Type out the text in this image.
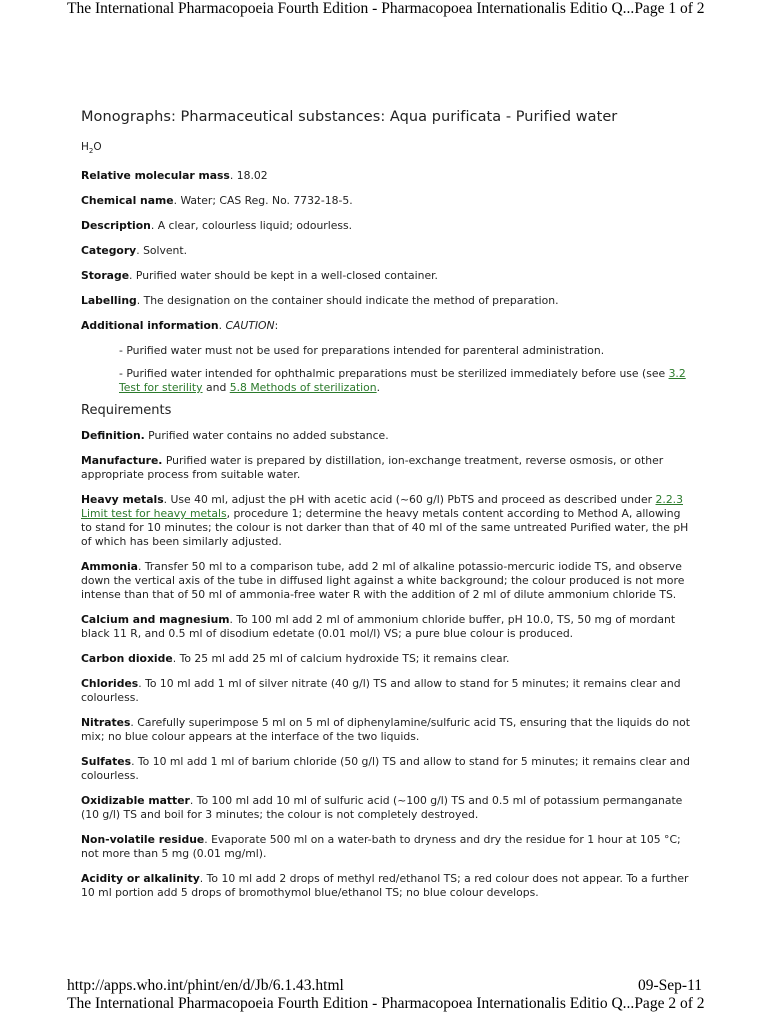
The International Pharmacopoeia Fourth Edition - Pharmacopoea Internationalis Editio Q... Page 1 of 2
Monographs: Pharmaceutical substances: Aqua purificata - Purified water
$H_2O$
Relative molecular mass. 18.02
Chemical name. Water; CAS Reg. No. 7732-18-5.
Description. A clear, colourless liquid; odourless.
Category. Solvent.
Storage. Purified water should be kept in a well-closed container.
Labelling. The designation on the container should indicate the method of preparation.
Additional information. CAUTION:
- Purified water must not be used for preparations intended for parenteral administration.
- Purified water intended for ophthalmic preparations must be sterilized immediately before use (see 3.2 Test for sterility and 5.8 Methods of sterilization.
Requirements
Definition. Purified water contains no added substance.
Manufacture. Purified water is prepared by distillation, ion-exchange treatment, reverse osmosis, or other appropriate process from suitable water.
Heavy metals. Use 40 ml, adjust the pH with acetic acid (~60 g/l) PbTS and proceed as described under 2.2.3 Limit test for heavy metals, procedure 1; determine the heavy metals content according to Method A, allowing to stand for 10 minutes; the colour is not darker than that of 40 ml of the same untreated Purified water, the pH of which has been similarly adjusted.
Ammonia. Transfer 50 ml to a comparison tube, add 2 ml of alkaline potassio-mercuric iodide TS, and observe down the vertical axis of the tube in diffused light against a white background; the colour produced is not more intense than that of 50 ml of ammonia-free water R with the addition of 2 ml of dilute ammonium chloride TS.
Calcium and magnesium. To 100 ml add 2 ml of ammonium chloride buffer, pH 10.0, TS, 50 mg of mordant black 11 R, and 0.5 ml of disodium edetate (0.01 mol/l) VS; a pure blue colour is produced.
Carbon dioxide. To 25 ml add 25 ml of calcium hydroxide TS; it remains clear.
Chlorides. To 10 ml add 1 ml of silver nitrate (40 g/l) TS and allow to stand for 5 minutes; it remains clear and colourless.
Nitrates. Carefully superimpose 5 ml on 5 ml of diphenylamine/sulfuric acid TS, ensuring that the liquids do not mix; no blue colour appears at the interface of the two liquids.
Sulfates. To 10 ml add 1 ml of barium chloride (50 g/l) TS and allow to stand for 5 minutes; it remains clear and colourless.
Oxidizable matter. To 100 ml add 10 ml of sulfuric acid (~100 g/l) TS and 0.5 ml of potassium permanganate (10 g/l) TS and boil for 3 minutes; the colour is not completely destroyed.
Non-volatile residue. Evaporate 500 ml on a water-bath to dryness and dry the residue for 1 hour at 105 °C; not more than 5 mg (0.01 mg/ml).
Acidity or alkalinity. To 10 ml add 2 drops of methyl red/ethanol TS; a red colour does not appear. To a further 10 ml portion add 5 drops of bromothymol blue/ethanol TS; no blue colour develops.
http://apps.who.int/phint/en/d/Jb/6.1.43.html	09-Sep-11
The International Pharmacopoeia Fourth Edition - Pharmacopoea Internationalis Editio Q... Page 2 of 2
